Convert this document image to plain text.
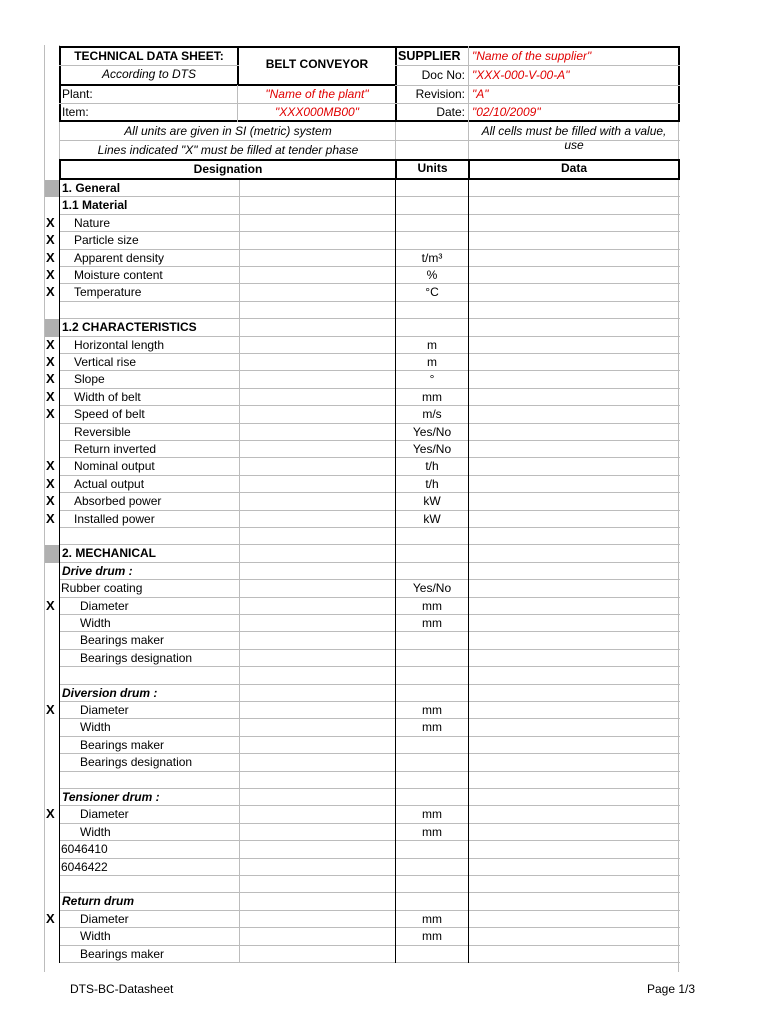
TECHNICAL DATA SHEET:
According to DTS
BELT CONVEYOR
SUPPLIER "Name of the supplier"
Doc No: "XXX-000-V-00-A"
Plant:	"Name of the plant"	Revision: "A"
Item:	"XXX000MB00"	Date: "02/10/2009"
All units are given in SI (metric) system
Lines indicated "X" must be filled at tender phase
All cells must be filled with a value,
use
Designation	Units	Data
1. General
1.1 Material
X	Nature
X	Particle size
X	Apparent density	t/m³
X	Moisture content	%
X	Temperature	°C
1.2 CHARACTERISTICS
X	Horizontal length	m
X	Vertical rise	m
X	Slope	°
X	Width of belt	mm
X	Speed of belt	m/s
Reversible	Yes/No
Return inverted	Yes/No
X	Nominal output	t/h
X	Actual output	t/h
X	Absorbed power	kW
X	Installed power	kW
2. MECHANICAL
Drive drum :
Rubber coating	Yes/No
X	Diameter	mm
Width	mm
Bearings maker
Bearings designation
Diversion drum :
X	Diameter	mm
Width	mm
Bearings maker
Bearings designation
Tensioner drum :
X	Diameter	mm
Width	mm
6046410
6046422
Return drum
X	Diameter	mm
Width	mm
Bearings maker
DTS-BC-Datasheet	Page 1/3
